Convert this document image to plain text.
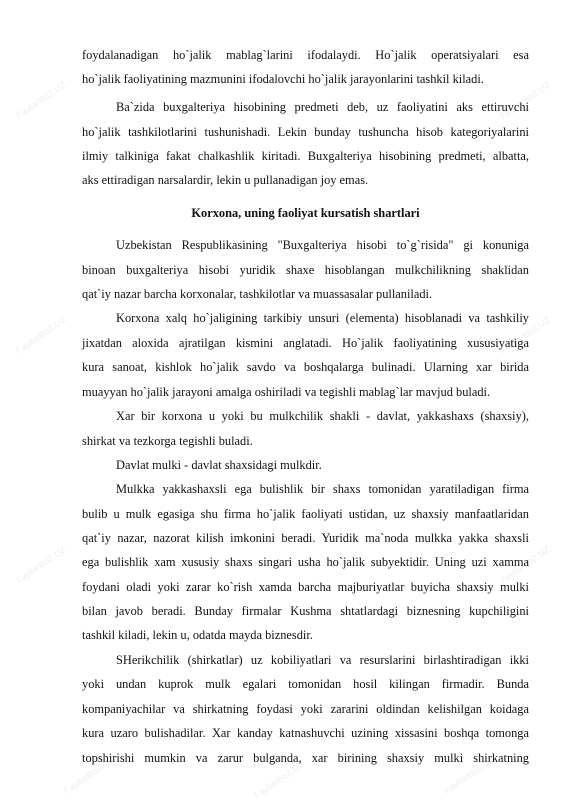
FayllarBoZ.UZ	FayllarBoZ.UZ
FayllarBoZ.UZ	FayllarBoZ.UZ
FayllarBoZ.UZ	FayllarBoZ.UZ
FayllarBoZ.UZ	FayllarBoZ.UZ	FayllarBoZ.UZ
foydalanadigan ho`jalik mablag`larini ifodalaydi. Ho`jalik operatsiyalari esa
ho`jalik faoliyatining mazmunini ifodalovchi ho`jalik jarayonlarini tashkil kiladi.
Ba`zida buxgalteriya hisobining predmeti deb, uz faoliyatini aks ettiruvchi
ho`jalik tashkilotlarini tushunishadi. Lekin bunday tushuncha hisob kategoriyalarini
ilmiy talkiniga fakat chalkashlik kiritadi. Buxgalteriya hisobining predmeti, albatta,
aks ettiradigan narsalardir, lekin u pullanadigan joy emas.
Korxona, uning faoliyat kursatish shartlari
Uzbekistan Respublikasining "Buxgalteriya hisobi to`g`risida" gi konuniga
binoan buxgalteriya hisobi yuridik shaxe hisoblangan mulkchilikning shaklidan
qat`iy nazar barcha korxonalar, tashkilotlar va muassasalar pullaniladi.
Korxona xalq ho`jaligining tarkibiy unsuri (elementa) hisoblanadi va tashkiliy
jixatdan aloxida ajratilgan kismini anglatadi. Ho`jalik faoliyatining xususiyatiga
kura sanoat, kishlok ho`jalik savdo va boshqalarga bulinadi. Ularning xar birida
muayyan ho`jalik jarayoni amalga oshiriladi va tegishli mablag`lar mavjud buladi.
Xar bir korxona u yoki bu mulkchilik shakli - davlat, yakkashaxs (shaxsiy),
shirkat va tezkorga tegishli buladi.
Davlat mulki - davlat shaxsidagi mulkdir.
Mulkka yakkashaxsli ega bulishlik bir shaxs tomonidan yaratiladigan firma
bulib u mulk egasiga shu firma ho`jalik faoliyati ustidan, uz shaxsiy manfaatlaridan
qat`iy nazar, nazorat kilish imkonini beradi. Yuridik ma`noda mulkka yakka shaxsli
ega bulishlik xam xususiy shaxs singari usha ho`jalik subyektidir. Uning uzi xamma
foydani oladi yoki zarar ko`rish xamda barcha majburiyatlar buyicha shaxsiy mulki
bilan javob beradi. Bunday firmalar Kushma shtatlardagi biznesning kupchiligini
tashkil kiladi, lekin u, odatda mayda biznesdir.
SHerikchilik (shirkatlar) uz kobiliyatlari va resurslarini birlashtiradigan ikki
yoki undan kuprok mulk egalari tomonidan hosil kilingan firmadir. Bunda
kompaniyachilar va shirkatning foydasi yoki zararini oldindan kelishilgan koidaga
kura uzaro bulishadilar. Xar kanday katnashuvchi uzining xissasini boshqa tomonga
topshirishi mumkin va zarur bulganda, xar birining shaxsiy mulki shirkatning
